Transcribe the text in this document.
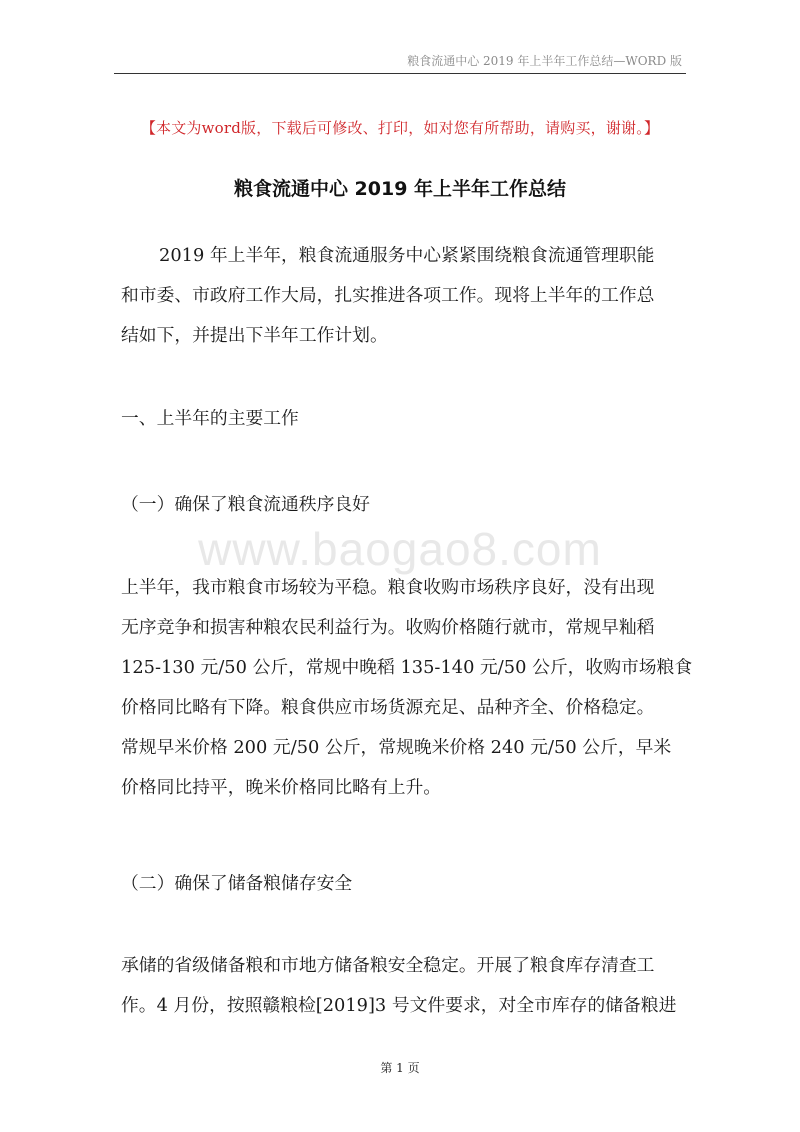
粮食流通中心 2019 年上半年工作总结—WORD 版
【本文为word版，下载后可修改、打印，如对您有所帮助，请购买，谢谢。】
粮食流通中心 2019 年上半年工作总结
2019 年上半年，粮食流通服务中心紧紧围绕粮食流通管理职能
和市委、市政府工作大局，扎实推进各项工作。现将上半年的工作总
结如下，并提出下半年工作计划。
一、上半年的主要工作
（一）确保了粮食流通秩序良好
www.baogao8.com
上半年，我市粮食市场较为平稳。粮食收购市场秩序良好，没有出现
无序竞争和损害种粮农民利益行为。收购价格随行就市，常规早籼稻
125-130 元/50 公斤，常规中晚稻 135-140 元/50 公斤，收购市场粮食
价格同比略有下降。粮食供应市场货源充足、品种齐全、价格稳定。
常规早米价格 200 元/50 公斤，常规晚米价格 240 元/50 公斤，早米
价格同比持平，晚米价格同比略有上升。
（二）确保了储备粮储存安全
承储的省级储备粮和市地方储备粮安全稳定。开展了粮食库存清查工
作。4 月份，按照赣粮检[2019]3 号文件要求，对全市库存的储备粮进
第 1 页
